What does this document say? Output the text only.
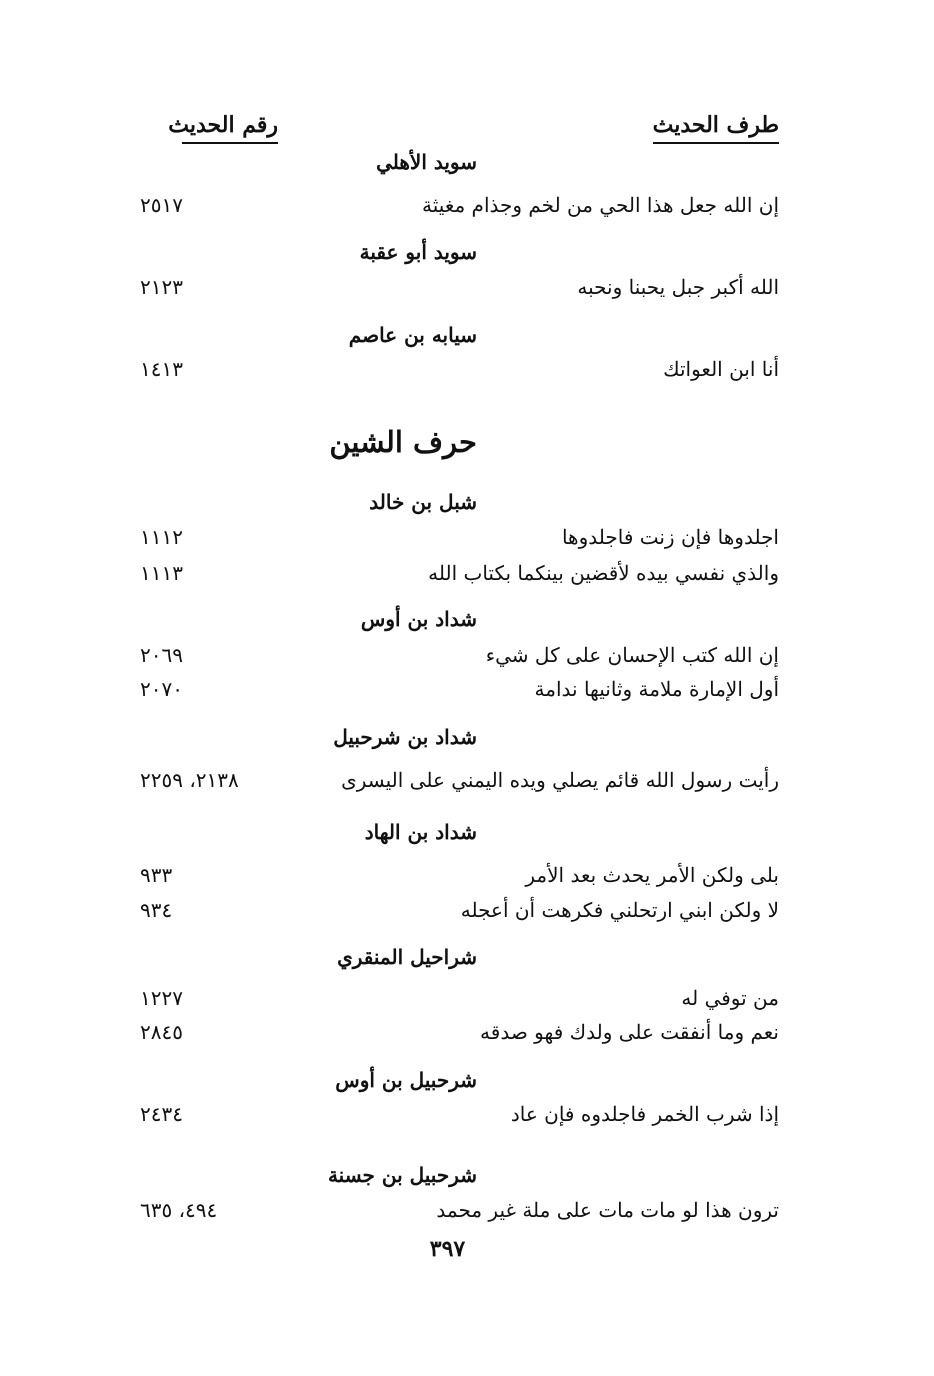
طرف الحديث
رقم الحديث
سويد الأهلي
إن الله جعل هذا الحي من لخم وجذام مغيثة
٢٥١٧
سويد أبو عقبة
الله أكبر جبل يحبنا ونحبه
٢١٢٣
سيابه بن عاصم
أنا ابن العواتك
١٤١٣
حرف الشين
شبل بن خالد
اجلدوها فإن زنت فاجلدوها
١١١٢
والذي نفسي بيده لأقضين بينكما بكتاب الله
١١١٣
شداد بن أوس
إن الله كتب الإحسان على كل شيء
٢٠٦٩
أول الإمارة ملامة وثانيها ندامة
٢٠٧٠
شداد بن شرحبيل
رأيت رسول الله قائم يصلي ويده اليمني على اليسرى
٢١٣٨، ٢٢٥٩
شداد بن الهاد
بلى ولكن الأمر يحدث بعد الأمر
٩٣٣
لا ولكن ابني ارتحلني فكرهت أن أعجله
٩٣٤
شراحيل المنقري
من توفي له
١٢٢٧
نعم وما أنفقت على ولدك فهو صدقه
٢٨٤٥
شرحبيل بن أوس
إذا شرب الخمر فاجلدوه فإن عاد
٢٤٣٤
شرحبيل بن جسنة
ترون هذا لو مات مات على ملة غير محمد
٤٩٤، ٦٣٥
٣٩٧
